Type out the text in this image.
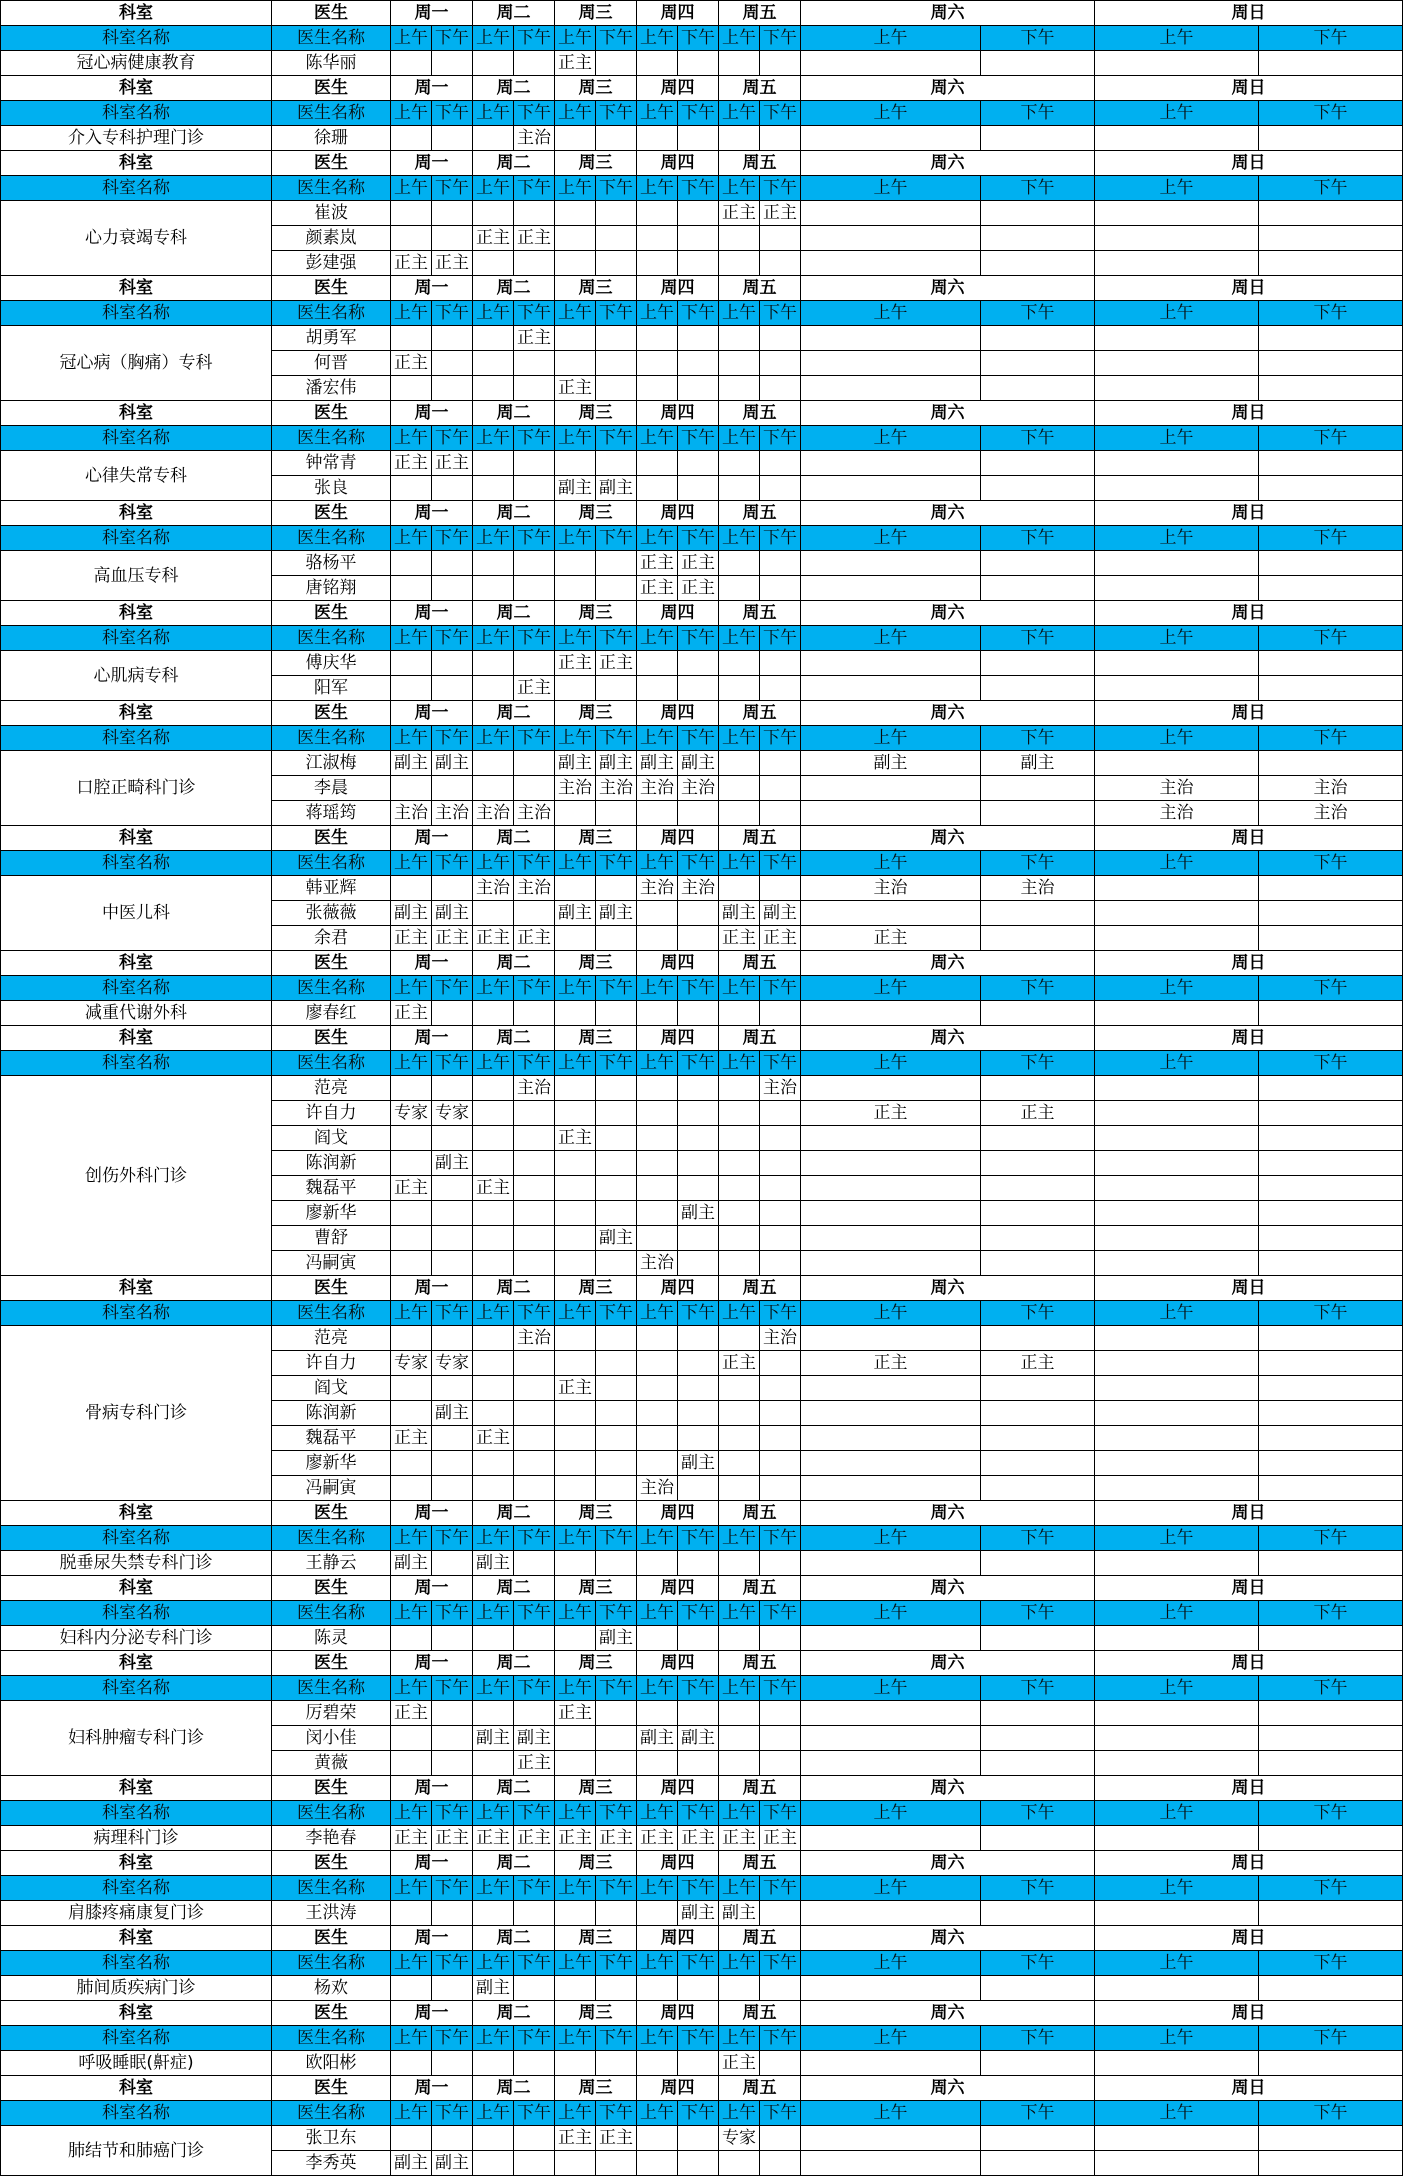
科室	医生	周一		周二		周三		周四		周五		周六		周日	
科室名称	医生名称	上午	下午	上午	下午	上午	下午	上午	下午	上午	下午	上午	下午	上午	下午
冠心病健康教育	陈华丽					正主									
科室	医生	周一		周二		周三		周四		周五		周六		周日	
科室名称	医生名称	上午	下午	上午	下午	上午	下午	上午	下午	上午	下午	上午	下午	上午	下午
介入专科护理门诊	徐珊				主治										
科室	医生	周一		周二		周三		周四		周五		周六		周日	
科室名称	医生名称	上午	下午	上午	下午	上午	下午	上午	下午	上午	下午	上午	下午	上午	下午
心力衰竭专科	崔波									正主	正主				
	颜素岚			正主	正主										
	彭建强	正主	正主												
科室	医生	周一		周二		周三		周四		周五		周六		周日	
科室名称	医生名称	上午	下午	上午	下午	上午	下午	上午	下午	上午	下午	上午	下午	上午	下午
冠心病（胸痛）专科	胡勇军				正主										
	何晋	正主													
	潘宏伟					正主									
科室	医生	周一		周二		周三		周四		周五		周六		周日	
科室名称	医生名称	上午	下午	上午	下午	上午	下午	上午	下午	上午	下午	上午	下午	上午	下午
心律失常专科	钟常青	正主	正主												
	张良					副主	副主								
科室	医生	周一		周二		周三		周四		周五		周六		周日	
科室名称	医生名称	上午	下午	上午	下午	上午	下午	上午	下午	上午	下午	上午	下午	上午	下午
高血压专科	骆杨平							正主	正主						
	唐铭翔							正主	正主						
科室	医生	周一		周二		周三		周四		周五		周六		周日	
科室名称	医生名称	上午	下午	上午	下午	上午	下午	上午	下午	上午	下午	上午	下午	上午	下午
心肌病专科	傅庆华					正主	正主								
	阳军				正主										
科室	医生	周一		周二		周三		周四		周五		周六		周日	
科室名称	医生名称	上午	下午	上午	下午	上午	下午	上午	下午	上午	下午	上午	下午	上午	下午
口腔正畸科门诊	江淑梅	副主	副主			副主	副主	副主	副主			副主	副主		
	李晨					主治	主治	主治	主治					主治	主治
	蒋瑶筠	主治	主治	主治	主治									主治	主治
科室	医生	周一		周二		周三		周四		周五		周六		周日	
科室名称	医生名称	上午	下午	上午	下午	上午	下午	上午	下午	上午	下午	上午	下午	上午	下午
中医儿科	韩亚辉			主治	主治			主治	主治			主治	主治		
	张薇薇	副主	副主			副主	副主			副主	副主				
	余君	正主	正主	正主	正主					正主	正主	正主			
科室	医生	周一		周二		周三		周四		周五		周六		周日	
科室名称	医生名称	上午	下午	上午	下午	上午	下午	上午	下午	上午	下午	上午	下午	上午	下午
减重代谢外科	廖春红	正主													
科室	医生	周一		周二		周三		周四		周五		周六		周日	
科室名称	医生名称	上午	下午	上午	下午	上午	下午	上午	下午	上午	下午	上午	下午	上午	下午
创伤外科门诊	范亮				主治						主治				
	许自力	专家	专家									正主	正主		
	阎戈					正主									
	陈润新		副主												
	魏磊平	正主		正主											
	廖新华								副主						
	曹舒						副主								
	冯嗣寅							主治							
科室	医生	周一		周二		周三		周四		周五		周六		周日	
科室名称	医生名称	上午	下午	上午	下午	上午	下午	上午	下午	上午	下午	上午	下午	上午	下午
骨病专科门诊	范亮				主治						主治				
	许自力	专家	专家							正主		正主	正主		
	阎戈					正主									
	陈润新		副主												
	魏磊平	正主		正主											
	廖新华								副主						
	冯嗣寅							主治							
科室	医生	周一		周二		周三		周四		周五		周六		周日	
科室名称	医生名称	上午	下午	上午	下午	上午	下午	上午	下午	上午	下午	上午	下午	上午	下午
脱垂尿失禁专科门诊	王静云	副主		副主											
科室	医生	周一		周二		周三		周四		周五		周六		周日	
科室名称	医生名称	上午	下午	上午	下午	上午	下午	上午	下午	上午	下午	上午	下午	上午	下午
妇科内分泌专科门诊	陈灵						副主								
科室	医生	周一		周二		周三		周四		周五		周六		周日	
科室名称	医生名称	上午	下午	上午	下午	上午	下午	上午	下午	上午	下午	上午	下午	上午	下午
妇科肿瘤专科门诊	厉碧荣	正主				正主									
	闵小佳			副主	副主			副主	副主						
	黄薇				正主										
科室	医生	周一		周二		周三		周四		周五		周六		周日	
科室名称	医生名称	上午	下午	上午	下午	上午	下午	上午	下午	上午	下午	上午	下午	上午	下午
病理科门诊	李艳春	正主	正主	正主	正主	正主	正主	正主	正主	正主	正主				
科室	医生	周一		周二		周三		周四		周五		周六		周日	
科室名称	医生名称	上午	下午	上午	下午	上午	下午	上午	下午	上午	下午	上午	下午	上午	下午
肩膝疼痛康复门诊	王洪涛								副主	副主					
科室	医生	周一		周二		周三		周四		周五		周六		周日	
科室名称	医生名称	上午	下午	上午	下午	上午	下午	上午	下午	上午	下午	上午	下午	上午	下午
肺间质疾病门诊	杨欢			副主											
科室	医生	周一		周二		周三		周四		周五		周六		周日	
科室名称	医生名称	上午	下午	上午	下午	上午	下午	上午	下午	上午	下午	上午	下午	上午	下午
呼吸睡眠(鼾症)	欧阳彬									正主					
科室	医生	周一		周二		周三		周四		周五		周六		周日	
科室名称	医生名称	上午	下午	上午	下午	上午	下午	上午	下午	上午	下午	上午	下午	上午	下午
肺结节和肺癌门诊	张卫东					正主	正主			专家					
	李秀英	副主	副主												
